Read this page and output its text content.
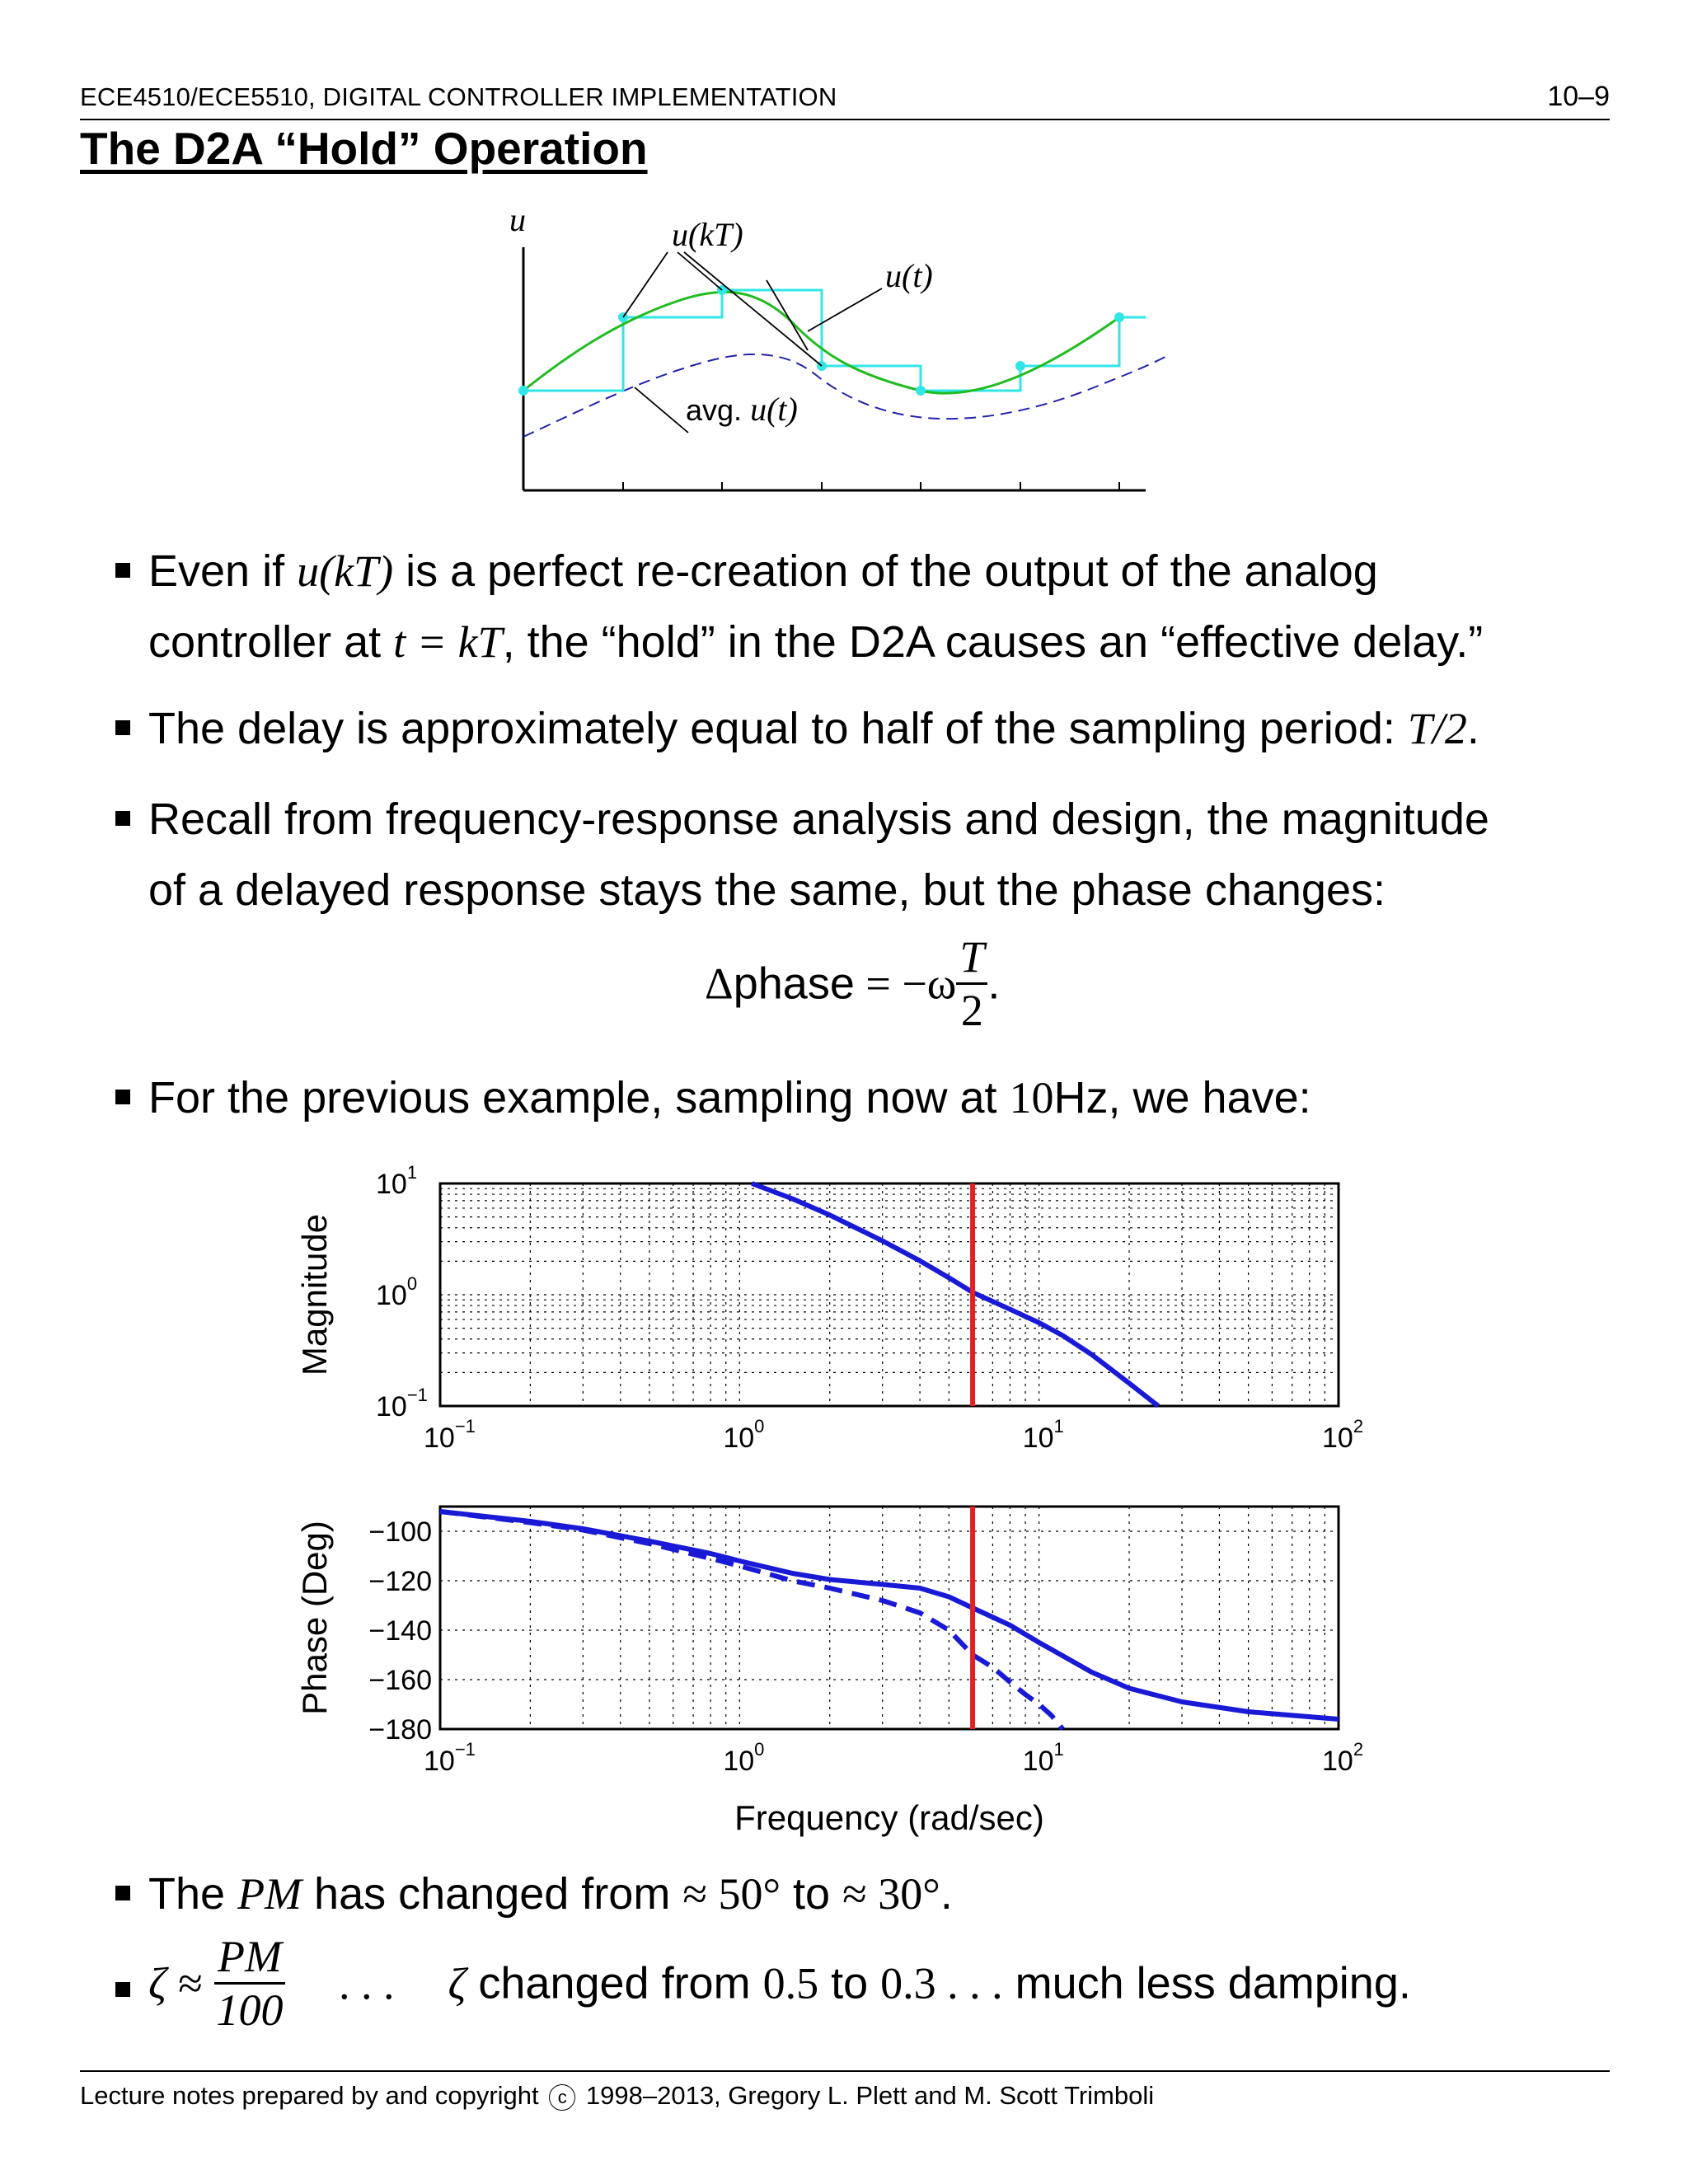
ECE4510/ECE5510, DIGITAL CONTROLLER IMPLEMENTATION	10–9
The D2A “Hold” Operation
u	u(kT)
u(t)
avg. u(t)
Even if u(kT) is a perfect re-creation of the output of the analog
controller at t = kT, the “hold” in the D2A causes an “effective delay.”
The delay is approximately equal to half of the sampling period: T/2.
Recall from frequency-response analysis and design, the magnitude
of a delayed response stays the same, but the phase changes:
Δphase = $-\omega \frac{T}{2}$ .
For the previous example, sampling now at 10Hz, we have:
$10^{-1}$	$10^0$	$10^1$	$10^2$
$10^{-1}$
$10^0$
$10^1$
Magnitude
$10^{-1}$	$10^0$	$10^1$	$10^2$
−100
−120
−140
−160
−180
Phase (Deg)
Frequency (rad/sec)
The PM has changed from ≈ 50° to ≈ 30°.
$\zeta \approx \frac{PM}{100}$ . . . ζ changed from 0.5 to 0.3 . . . much less damping.
Lecture notes prepared by and copyright c 1998–2013, Gregory L. Plett and M. Scott Trimboli
